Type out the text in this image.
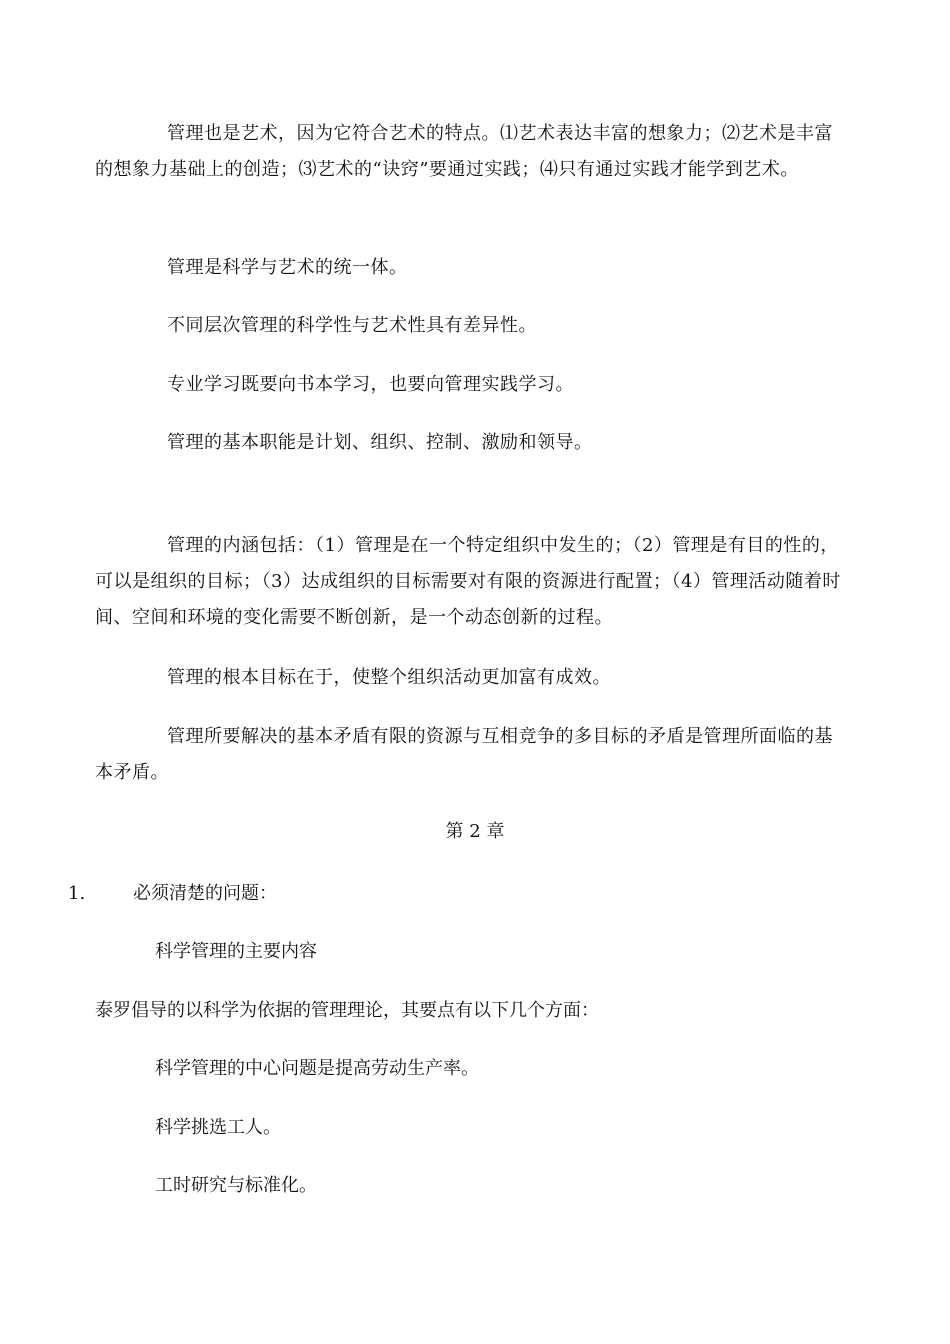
管理也是艺术，因为它符合艺术的特点。⑴艺术表达丰富的想象力；⑵艺术是丰富的想象力基础上的创造；⑶艺术的“诀窍”要通过实践；⑷只有通过实践才能学到艺术。

管理是科学与艺术的统一体。

不同层次管理的科学性与艺术性具有差异性。

专业学习既要向书本学习，也要向管理实践学习。

管理的基本职能是计划、组织、控制、激励和领导。

管理的内涵包括：（1）管理是在一个特定组织中发生的；（2）管理是有目的性的，可以是组织的目标；（3）达成组织的目标需要对有限的资源进行配置；（4）管理活动随着时间、空间和环境的变化需要不断创新，是一个动态创新的过程。

管理的根本目标在于，使整个组织活动更加富有成效。

管理所要解决的基本矛盾有限的资源与互相竞争的多目标的矛盾是管理所面临的基本矛盾。

第 2 章

1.	必须清楚的问题：

科学管理的主要内容

泰罗倡导的以科学为依据的管理理论，其要点有以下几个方面：

科学管理的中心问题是提高劳动生产率。

科学挑选工人。

工时研究与标准化。
